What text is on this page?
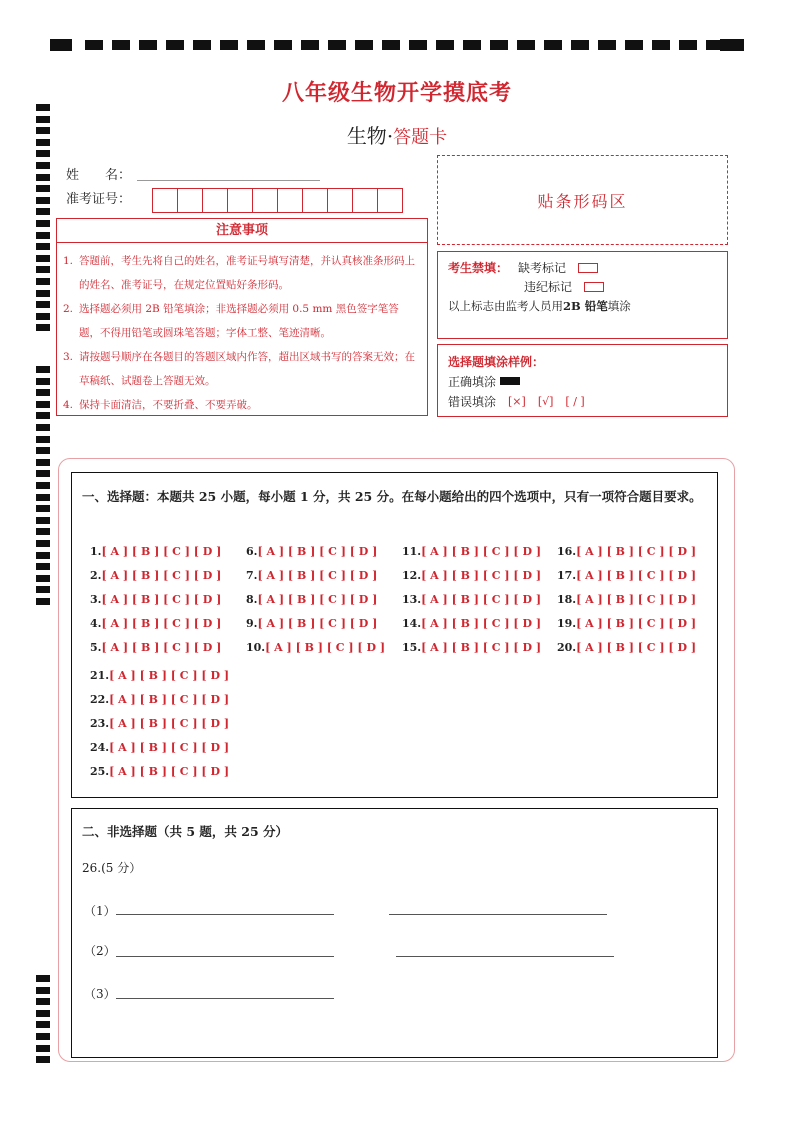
八年级生物开学摸底考
生物·答题卡
姓　　名：
准考证号：	贴条形码区
注意事项
1. 答题前，考生先将自己的姓名，准考证号填写清楚，并认真核准条形码上的姓名、准考证号，在规定位置贴好条形码。
2. 选择题必须用 2B 铅笔填涂；非选择题必须用 0.5 mm 黑色签字笔答题，不得用铅笔或圆珠笔答题；字体工整、笔迹清晰。
3. 请按题号顺序在各题目的答题区域内作答，超出区域书写的答案无效；在草稿纸、试题卷上答题无效。
4. 保持卡面清洁，不要折叠、不要弄破。
考生禁填： 缺考标记
违纪标记
以上标志由监考人员用2B 铅笔填涂
选择题填涂样例：
正确填涂
错误填涂 [×] [√] [ / ]
一、选择题：本题共 25 小题，每小题 1 分，共 25 分。在每小题给出的四个选项中，只有一项符合题目要求。
1.[ A ] [ B ] [ C ] [ D ]
2.[ A ] [ B ] [ C ] [ D ]
3.[ A ] [ B ] [ C ] [ D ]
4.[ A ] [ B ] [ C ] [ D ]
5.[ A ] [ B ] [ C ] [ D ]
6.[ A ] [ B ] [ C ] [ D ]
7.[ A ] [ B ] [ C ] [ D ]
8.[ A ] [ B ] [ C ] [ D ]
9.[ A ] [ B ] [ C ] [ D ]
10.[ A ] [ B ] [ C ] [ D ]
11.[ A ] [ B ] [ C ] [ D ]
12.[ A ] [ B ] [ C ] [ D ]
13.[ A ] [ B ] [ C ] [ D ]
14.[ A ] [ B ] [ C ] [ D ]
15.[ A ] [ B ] [ C ] [ D ]
16.[ A ] [ B ] [ C ] [ D ]
17.[ A ] [ B ] [ C ] [ D ]
18.[ A ] [ B ] [ C ] [ D ]
19.[ A ] [ B ] [ C ] [ D ]
20.[ A ] [ B ] [ C ] [ D ]
21.[ A ] [ B ] [ C ] [ D ]
22.[ A ] [ B ] [ C ] [ D ]
23.[ A ] [ B ] [ C ] [ D ]
24.[ A ] [ B ] [ C ] [ D ]
25.[ A ] [ B ] [ C ] [ D ]
二、非选择题（共 5 题，共 25 分）
26.(5 分）
（1）
（2）
（3）
